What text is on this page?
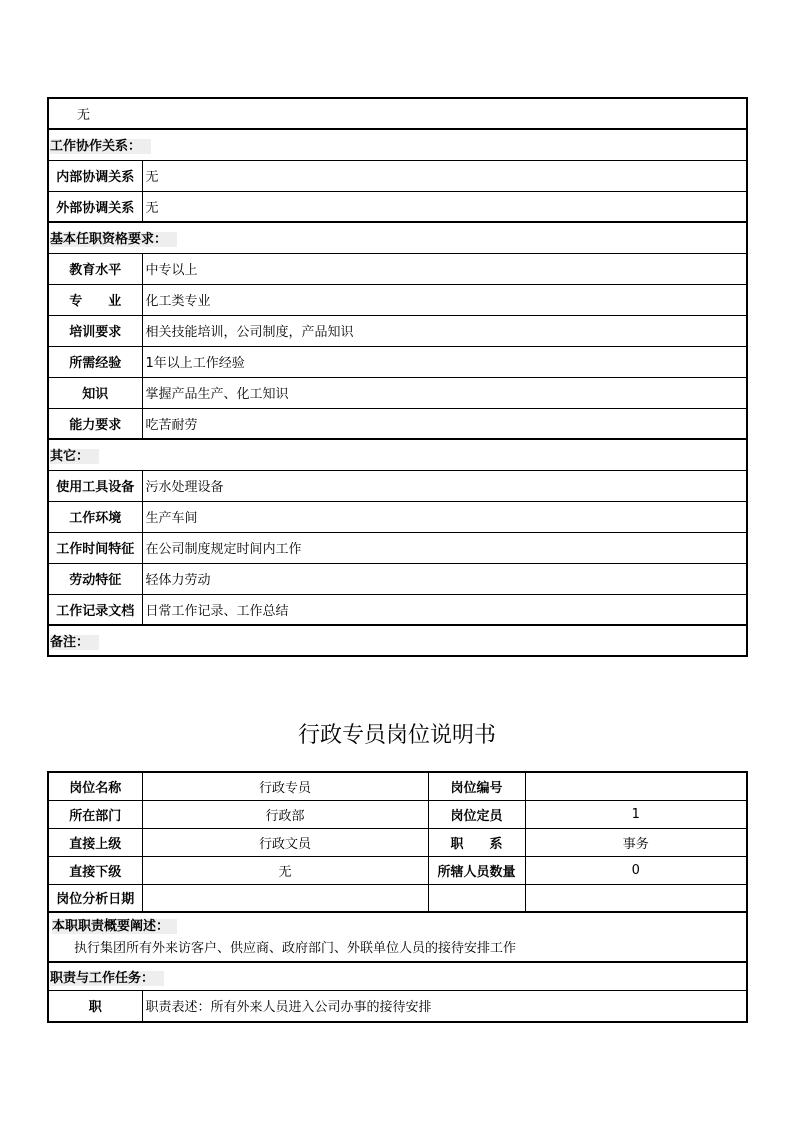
无	
工作协作关系：	
内部协调关系	无
外部协调关系	无
基本任职资格要求：	
教育水平	中专以上
专　　业	化工类专业
培训要求	相关技能培训，公司制度，产品知识
所需经验	1年以上工作经验
知识	掌握产品生产、化工知识
能力要求	吃苦耐劳
其它：	
使用工具设备	污水处理设备
工作环境	生产车间
工作时间特征	在公司制度规定时间内工作
劳动特征	轻体力劳动
工作记录文档	日常工作记录、工作总结
备注：	
行政专员岗位说明书
岗位名称	行政专员	岗位编号	
所在部门	行政部	岗位定员	1
直接上级	行政文员	职　　系	事务
直接下级	无	所辖人员数量	0
岗位分析日期			

本职职责概要阐述：
执行集团所有外来访客户、供应商、政府部门、外联单位人员的接待安排工作			

职责与工作任务：			
职	职责表述：所有外来人员进入公司办事的接待安排		
